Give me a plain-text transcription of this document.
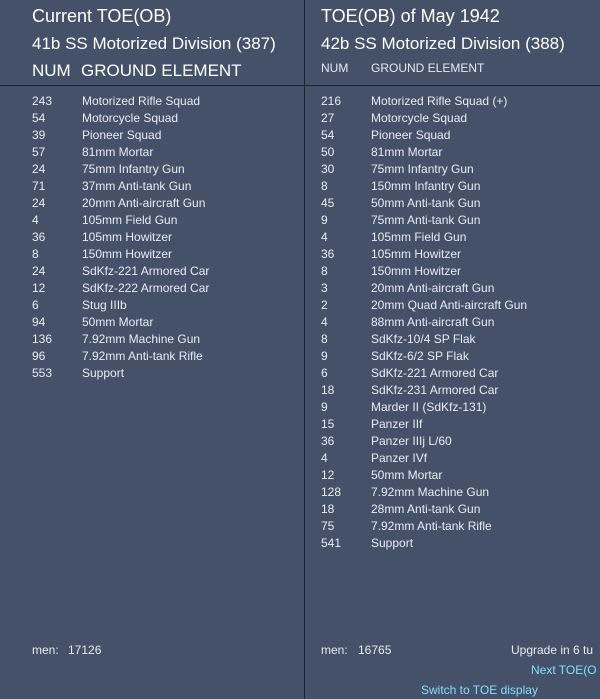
Current TOE(OB)
41b SS Motorized Division (387)
NUM GROUND ELEMENT
243 Motorized Rifle Squad
54	Motorcycle Squad
39	Pioneer Squad
57	81mm Mortar
24	75mm Infantry Gun
71	37mm Anti-tank Gun
24	20mm Anti-aircraft Gun
4	105mm Field Gun
36	105mm Howitzer
8	150mm Howitzer
24	SdKfz-221 Armored Car
12	SdKfz-222 Armored Car
6	Stug IIIb
94	50mm Mortar
136 7.92mm Machine Gun
96	7.92mm Anti-tank Rifle
553 Support
men: 17126
TOE(OB) of May 1942
42b SS Motorized Division (388)
NUM GROUND ELEMENT
216 Motorized Rifle Squad (+)
27	Motorcycle Squad
54	Pioneer Squad
50	81mm Mortar
30	75mm Infantry Gun
8	150mm Infantry Gun
45	50mm Anti-tank Gun
9	75mm Anti-tank Gun
4	105mm Field Gun
36	105mm Howitzer
8	150mm Howitzer
3	20mm Anti-aircraft Gun
2	20mm Quad Anti-aircraft Gun
4	88mm Anti-aircraft Gun
8	SdKfz-10/4 SP Flak
9	SdKfz-6/2 SP Flak
6	SdKfz-221 Armored Car
18	SdKfz-231 Armored Car
9	Marder II (SdKfz-131)
15	Panzer IIf
36	Panzer IIIj L/60
4	Panzer IVf
12	50mm Mortar
128 7.92mm Machine Gun
18	28mm Anti-tank Gun
75	7.92mm Anti-tank Rifle
541 Support
men: 16765	Upgrade in 6 tu
Next TOE(O
Switch to TOE display
